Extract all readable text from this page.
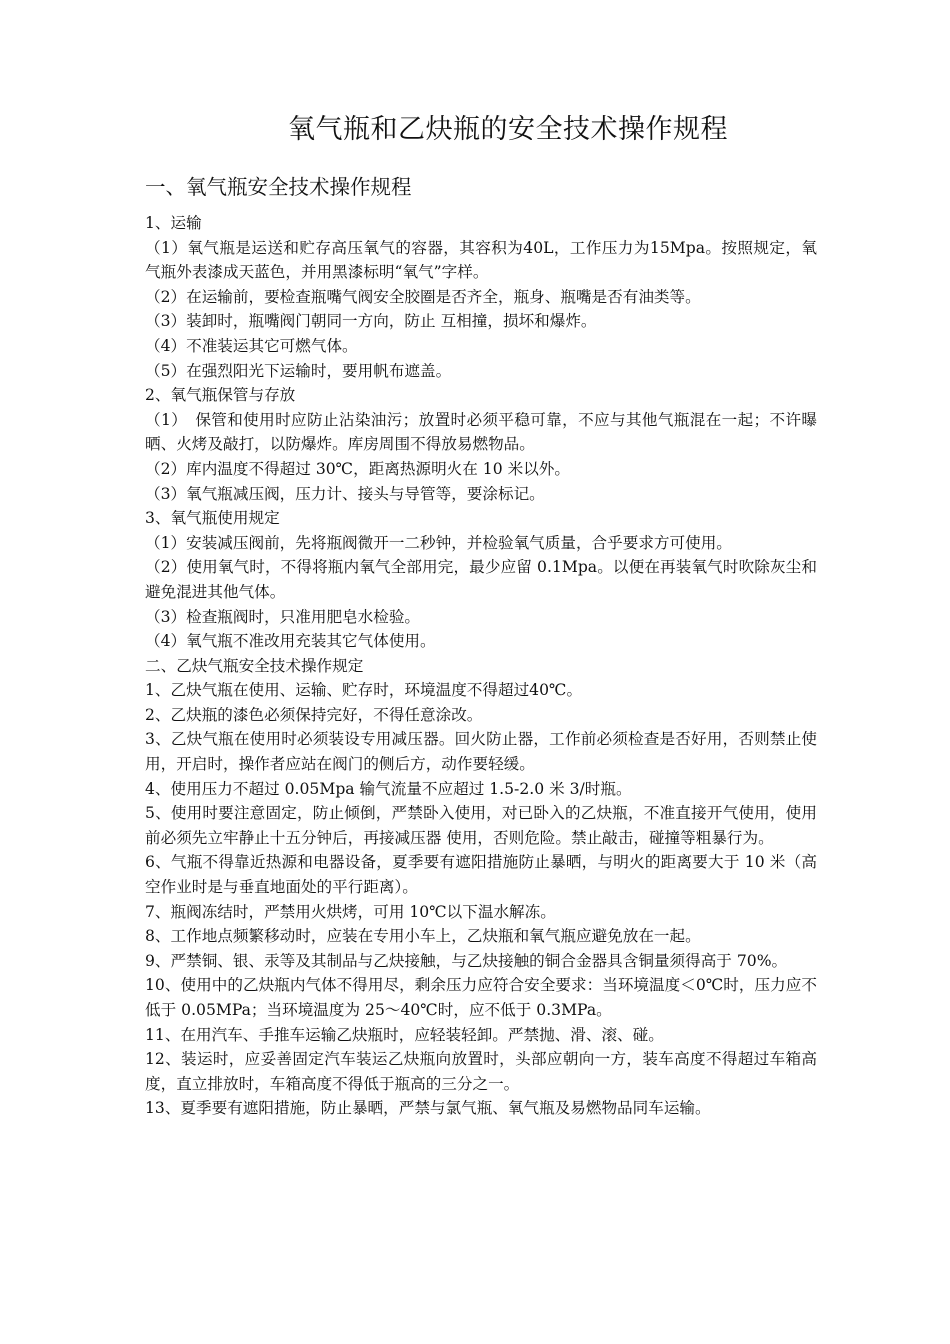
氧气瓶和乙炔瓶的安全技术操作规程
一、氧气瓶安全技术操作规程

1、运输

（1）氧气瓶是运送和贮存高压氧气的容器，其容积为40L，工作压力为15Mpa。按照规定，氧气瓶外表漆成天蓝色，并用黑漆标明“氧气”字样。

（2）在运输前，要检查瓶嘴气阀安全胶圈是否齐全，瓶身、瓶嘴是否有油类等。

（3）装卸时，瓶嘴阀门朝同一方向，防止 互相撞，损坏和爆炸。

（4）不准装运其它可燃气体。

（5）在强烈阳光下运输时，要用帆布遮盖。

2、氧气瓶保管与存放

（1）　保管和使用时应防止沾染油污；放置时必须平稳可靠，不应与其他气瓶混在一起；不许曝晒、火烤及敲打，以防爆炸。库房周围不得放易燃物品。

（2）库内温度不得超过 30℃，距离热源明火在 10 米以外。

（3）氧气瓶减压阀，压力计、接头与导管等，要涂标记。

3、氧气瓶使用规定

（1）安装减压阀前，先将瓶阀微开一二秒钟，并检验氧气质量，合乎要求方可使用。

（2）使用氧气时，不得将瓶内氧气全部用完，最少应留 0.1Mpa。以便在再装氧气时吹除灰尘和避免混进其他气体。

（3）检查瓶阀时，只准用肥皂水检验。

（4）氧气瓶不准改用充装其它气体使用。

二、乙炔气瓶安全技术操作规定

1、乙炔气瓶在使用、运输、贮存时，环境温度不得超过40℃。

2、乙炔瓶的漆色必须保持完好，不得任意涂改。

3、乙炔气瓶在使用时必须装设专用减压器。回火防止器，工作前必须检查是否好用，否则禁止使用，开启时，操作者应站在阀门的侧后方，动作要轻缓。

4、使用压力不超过 0.05Mpa 输气流量不应超过 1.5-2.0 米 3/时瓶。

5、使用时要注意固定，防止倾倒，严禁卧入使用，对已卧入的乙炔瓶，不准直接开气使用，使用前必须先立牢静止十五分钟后，再接减压器 使用，否则危险。禁止敲击，碰撞等粗暴行为。

6、气瓶不得靠近热源和电器设备，夏季要有遮阳措施防止暴晒，与明火的距离要大于 10 米（高空作业时是与垂直地面处的平行距离）。

7、瓶阀冻结时，严禁用火烘烤，可用 10℃以下温水解冻。

8、工作地点频繁移动时，应装在专用小车上，乙炔瓶和氧气瓶应避免放在一起。

9、严禁铜、银、汞等及其制品与乙炔接触，与乙炔接触的铜合金器具含铜量须得高于 70%。

10、使用中的乙炔瓶内气体不得用尽，剩余压力应符合安全要求：当环境温度＜0℃时，压力应不低于 0.05MPa；当环境温度为 25～40℃时，应不低于 0.3MPa。

11、在用汽车、手推车运输乙炔瓶时，应轻装轻卸。严禁抛、滑、滚、碰。

12、装运时，应妥善固定汽车装运乙炔瓶向放置时，头部应朝向一方，装车高度不得超过车箱高度，直立排放时，车箱高度不得低于瓶高的三分之一。

13、夏季要有遮阳措施，防止暴晒，严禁与氯气瓶、氧气瓶及易燃物品同车运输。
